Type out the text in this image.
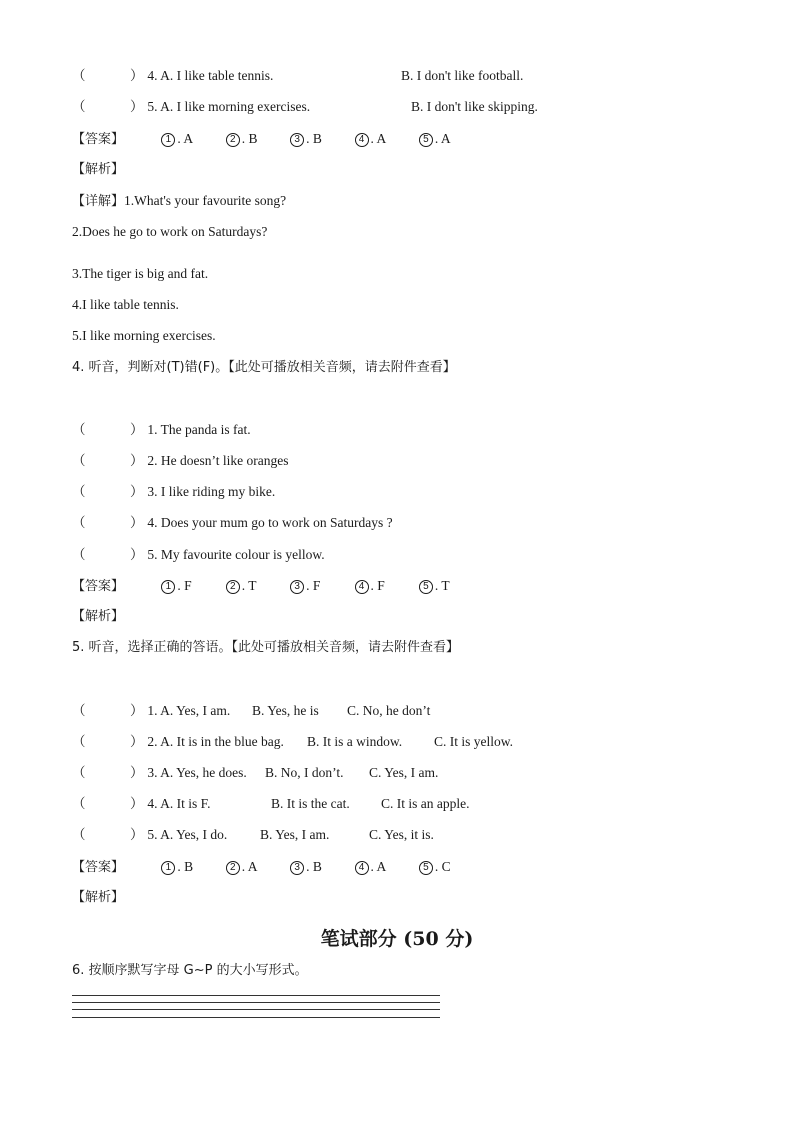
（	） 4. A. I like table tennis.	B. I don't like football.
（	） 5. A. I like morning exercises.	B. I don't like skipping.
【答案】	1 . A	2 . B	3 . B	4 . A	5 . A
【解析】
【详解】1.What's your favourite song?
2.Does he go to work on Saturdays?
3.The tiger is big and fat.
4.I like table tennis.
5.I like morning exercises.
4. 听音，判断对(T)错(F)。【此处可播放相关音频，请去附件查看】
（	） 1. The panda is fat.
（	） 2. He doesn’t like oranges
（	） 3. I like riding my bike.
（	） 4. Does your mum go to work on Saturdays ?
（	） 5. My favourite colour is yellow.
【答案】	1 . F	2 . T	3 . F	4 . F	5 . T
【解析】
5. 听音，选择正确的答语。【此处可播放相关音频，请去附件查看】
（	） 1. A. Yes, I am. B. Yes, he is C. No, he don’t
（	） 2. A. It is in the blue bag. B. It is a window. C. It is yellow.
（	） 3. A. Yes, he does. B. No, I don’t. C. Yes, I am.
（	） 4. A. It is F.	B. It is the cat. C. It is an apple.
（	） 5. A. Yes, I do. B. Yes, I am.	C. Yes, it is.
【答案】	1 . B	2 . A	3 . B	4 . A	5 . C
【解析】
笔试部分 (50 分)
6. 按顺序默写字母 G~P 的大小写形式。
